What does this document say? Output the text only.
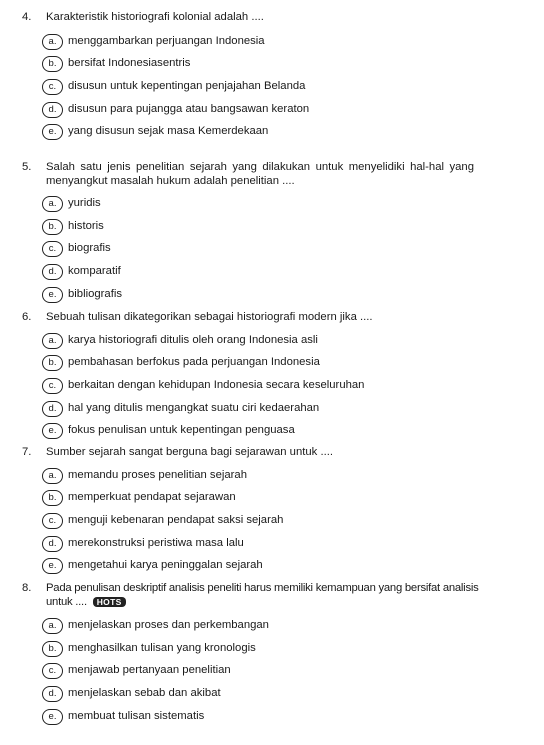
4. Karakteristik historiografi kolonial adalah ....
a.	menggambarkan perjuangan Indonesia
b.	bersifat Indonesiasentris
c.	disusun untuk kepentingan penjajahan Belanda
d.	disusun para pujangga atau bangsawan keraton
e.	yang disusun sejak masa Kemerdekaan
5. Salah satu jenis penelitian sejarah yang dilakukan untuk menyelidiki hal-hal yang menyangkut masalah hukum adalah penelitian ....
a.	yuridis
b.	historis
c.	biografis
d.	komparatif
e.	bibliografis
6. Sebuah tulisan dikategorikan sebagai historiografi modern jika ....
a.	karya historiografi ditulis oleh orang Indonesia asli
b.	pembahasan berfokus pada perjuangan Indonesia
c.	berkaitan dengan kehidupan Indonesia secara keseluruhan
d.	hal yang ditulis mengangkat suatu ciri kedaerahan
e.	fokus penulisan untuk kepentingan penguasa
7. Sumber sejarah sangat berguna bagi sejarawan untuk ....
a.	memandu proses penelitian sejarah
b.	memperkuat pendapat sejarawan
c.	menguji kebenaran pendapat saksi sejarah
d.	merekonstruksi peristiwa masa lalu
e.	mengetahui karya peninggalan sejarah
8. Pada penulisan deskriptif analisis peneliti harus memiliki kemampuan yang bersifat analisis untuk .... HOTS
a.	menjelaskan proses dan perkembangan
b.	menghasilkan tulisan yang kronologis
c.	menjawab pertanyaan penelitian
d.	menjelaskan sebab dan akibat
e.	membuat tulisan sistematis
